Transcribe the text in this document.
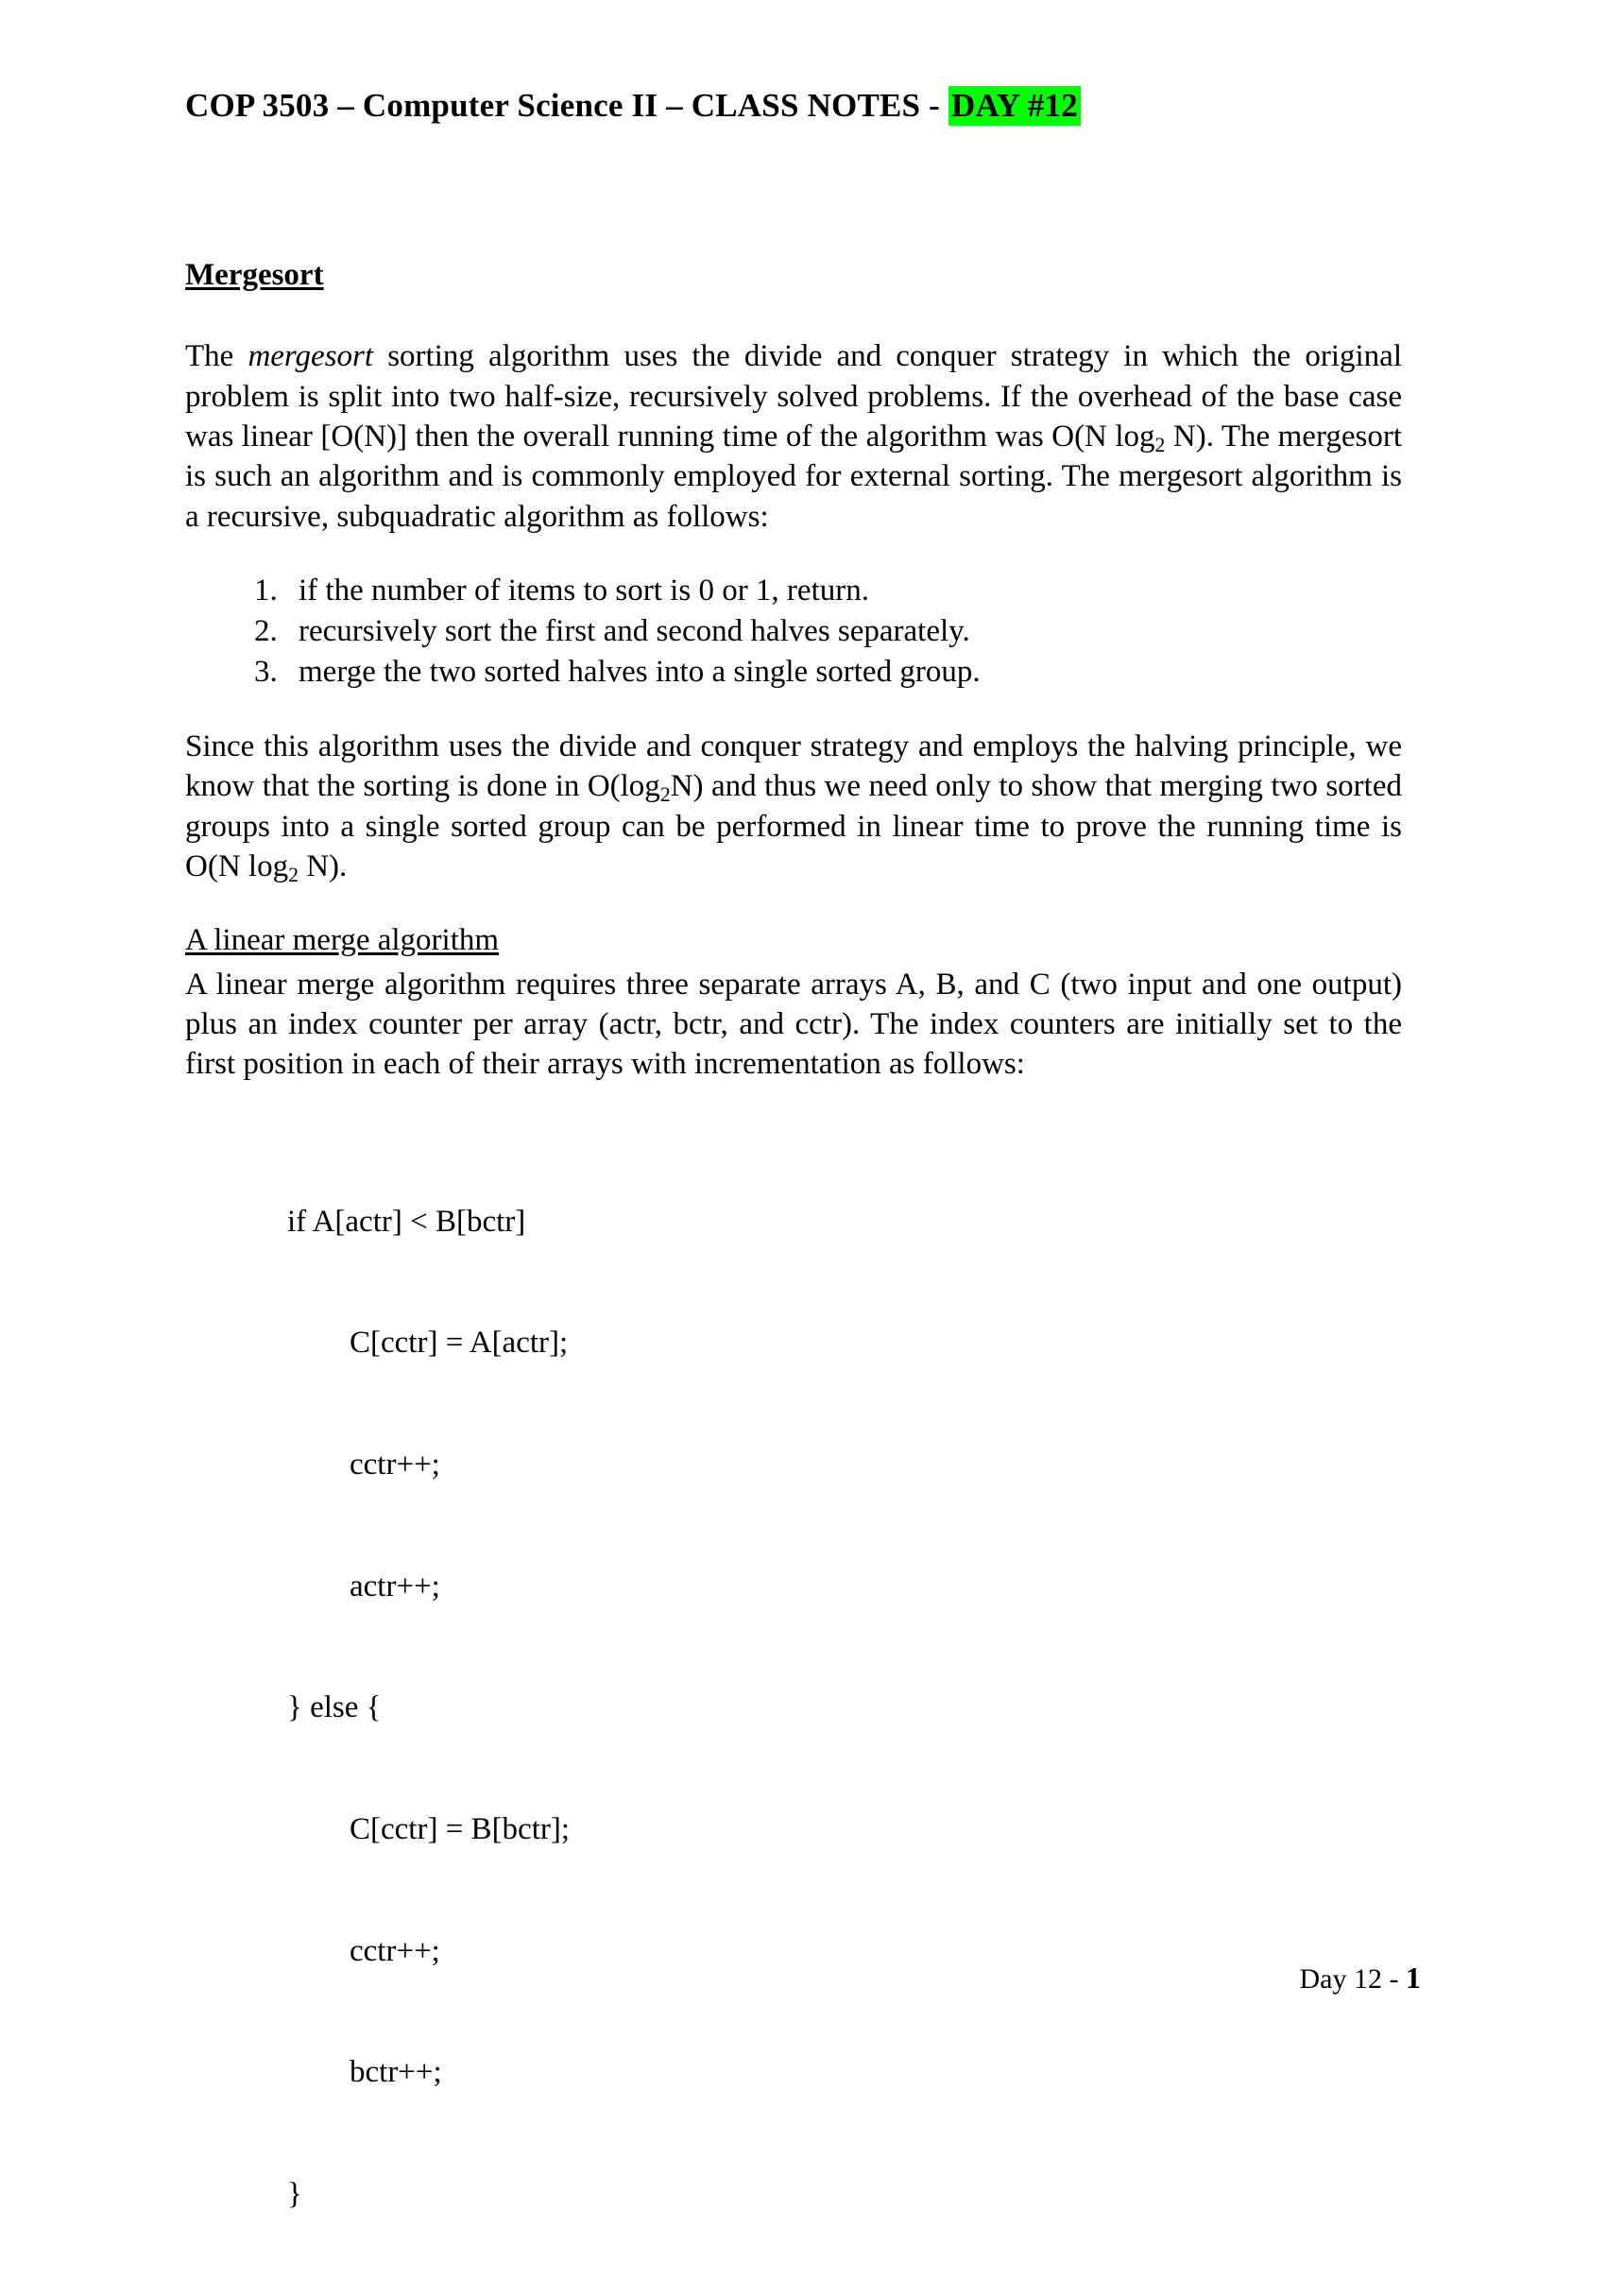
COP 3503 – Computer Science II – CLASS NOTES - DAY #12
Mergesort

The mergesort sorting algorithm uses the divide and conquer strategy in which the original problem is split into two half-size, recursively solved problems. If the overhead of the base case was linear [O(N)] then the overall running time of the algorithm was O(N $\log_2 N$). The mergesort is such an algorithm and is commonly employed for external sorting. The mergesort algorithm is a recursive, subquadratic algorithm as follows:

1. if the number of items to sort is 0 or 1, return.
2. recursively sort the first and second halves separately.
3. merge the two sorted halves into a single sorted group.

Since this algorithm uses the divide and conquer strategy and employs the halving principle, we know that the sorting is done in $O(\log_2N)$ and thus we need only to show that merging two sorted groups into a single sorted group can be performed in linear time to prove the running time is O(N $\log_2 N$).

A linear merge algorithm

A linear merge algorithm requires three separate arrays A, B, and C (two input and one output) plus an index counter per array (actr, bctr, and cctr). The index counters are initially set to the first position in each of their arrays with incrementation as follows:

if A[actr] < B[bctr]

C[cctr] = A[actr];

cctr++;

actr++;

} else {

C[cctr] = B[bctr];

cctr++;

bctr++;

}

Day 12 - 1
